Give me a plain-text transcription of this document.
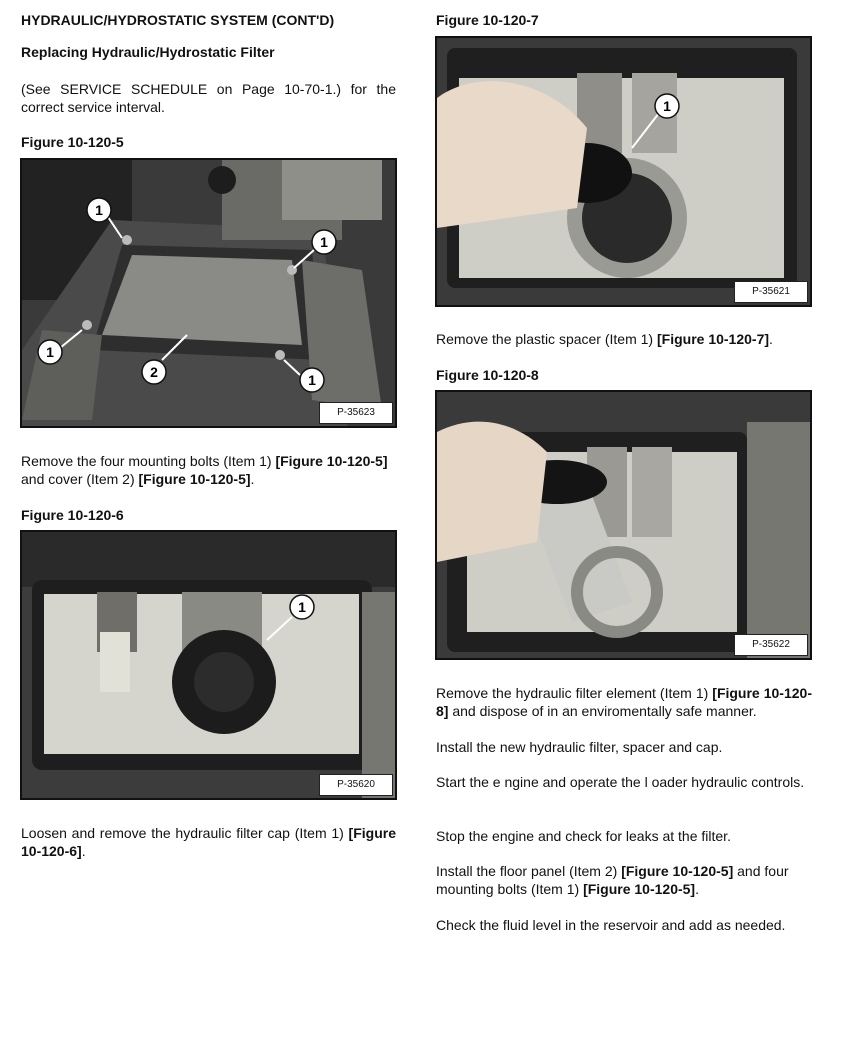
HYDRAULIC/HYDROSTATIC SYSTEM (CONT'D)
Replacing Hydraulic/Hydrostatic Filter
(See SERVICE SCHEDULE on Page 10-70-1.) for the correct service interval.
Figure 10-120-5
1
1
1
1
2
P-35623
Remove the four mounting bolts (Item 1) [Figure 10-120-5] and cover (Item 2) [Figure 10-120-5].
Figure 10-120-6
1
P-35620
Loosen and remove the hydraulic filter cap (Item 1) [Figure 10-120-6].
Figure 10-120-7
1
P-35621
Remove the plastic spacer (Item 1) [Figure 10-120-7].
Figure 10-120-8
P-35622
Remove the hydraulic filter element (Item 1) [Figure 10-120-8] and dispose of in an enviromentally safe manner.
Install the new hydraulic filter, spacer and cap.
Start the e ngine and operate the l oader hydraulic controls.
Stop the engine and check for leaks at the filter.
Install the floor panel (Item 2) [Figure 10-120-5] and four mounting bolts (Item 1) [Figure 10-120-5].
Check the fluid level in the reservoir and add as needed.
